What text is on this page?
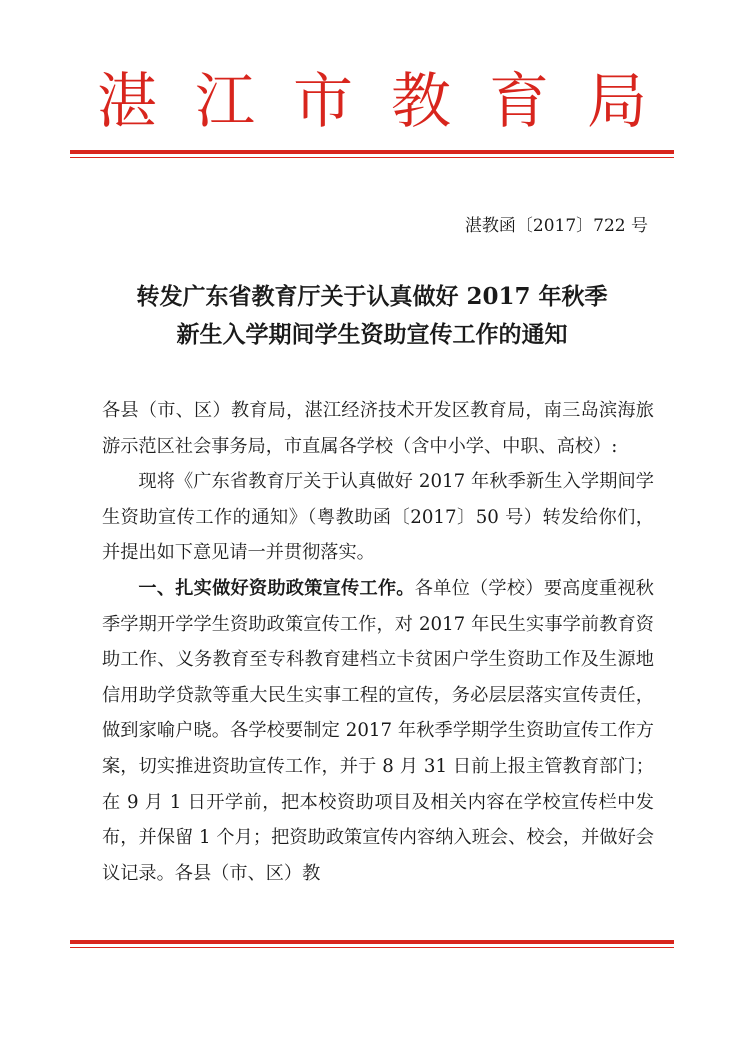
湛江市教育局
湛教函〔2017〕722 号
转发广东省教育厅关于认真做好 2017 年秋季
新生入学期间学生资助宣传工作的通知

各县（市、区）教育局，湛江经济技术开发区教育局，南三岛滨海旅游示范区社会事务局，市直属各学校（含中小学、中职、高校）:

现将《广东省教育厅关于认真做好 2017 年秋季新生入学期间学生资助宣传工作的通知》（粤教助函〔2017〕50 号）转发给你们，并提出如下意见请一并贯彻落实。

一、扎实做好资助政策宣传工作。各单位（学校）要高度重视秋季学期开学学生资助政策宣传工作，对 2017 年民生实事学前教育资助工作、义务教育至专科教育建档立卡贫困户学生资助工作及生源地信用助学贷款等重大民生实事工程的宣传，务必层层落实宣传责任，做到家喻户晓。各学校要制定 2017 年秋季学期学生资助宣传工作方案，切实推进资助宣传工作，并于 8 月 31 日前上报主管教育部门；在 9 月 1 日开学前，把本校资助项目及相关内容在学校宣传栏中发布，并保留 1 个月；把资助政策宣传内容纳入班会、校会，并做好会议记录。各县（市、区）教
